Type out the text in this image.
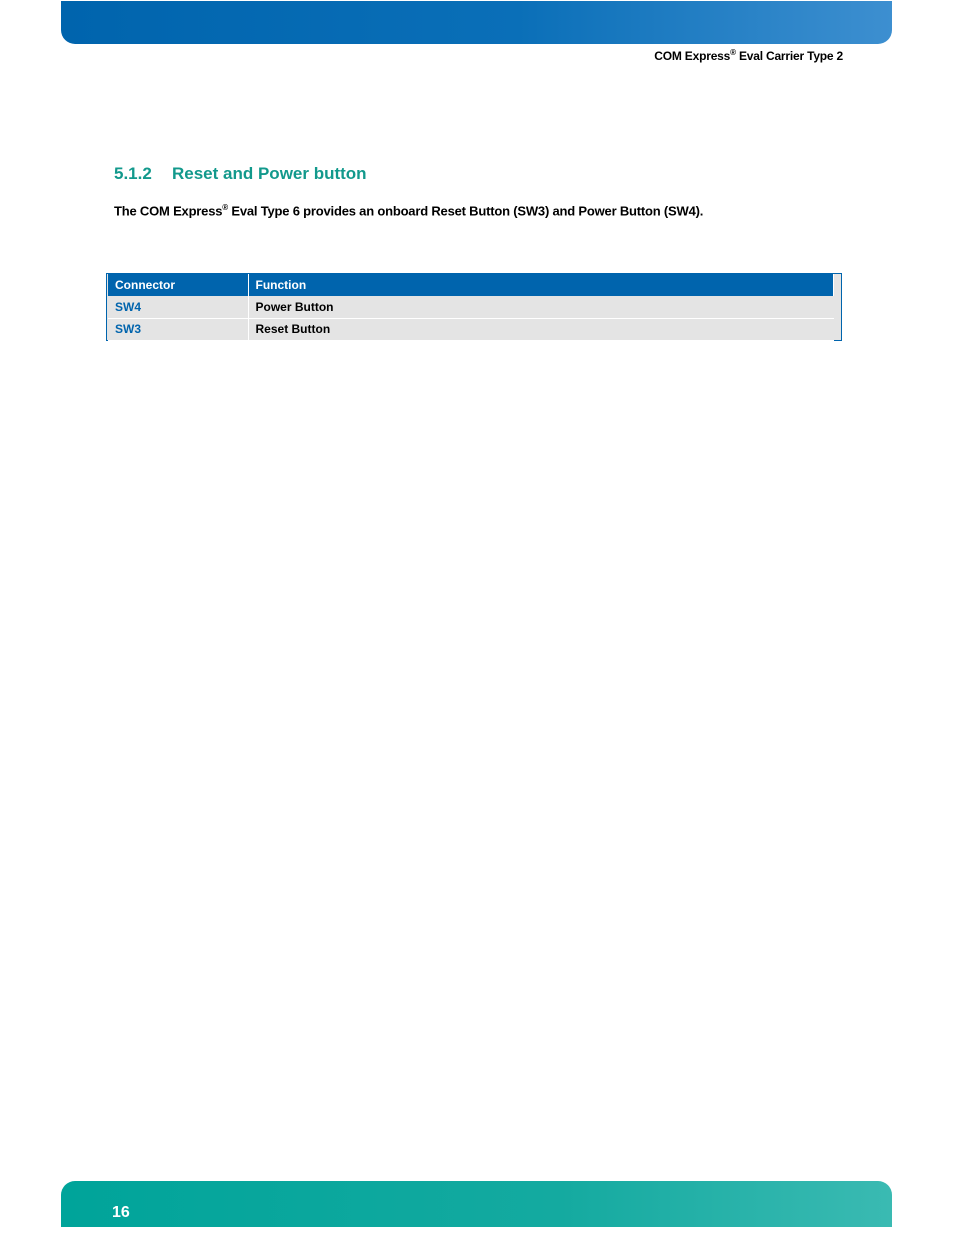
COM Express® Eval Carrier Type 2
5.1.2 Reset and Power button
The COM Express® Eval Type 6 provides an onboard Reset Button (SW3) and Power Button (SW4).
Connector	Function
SW4	Power Button
SW3	Reset Button
16
